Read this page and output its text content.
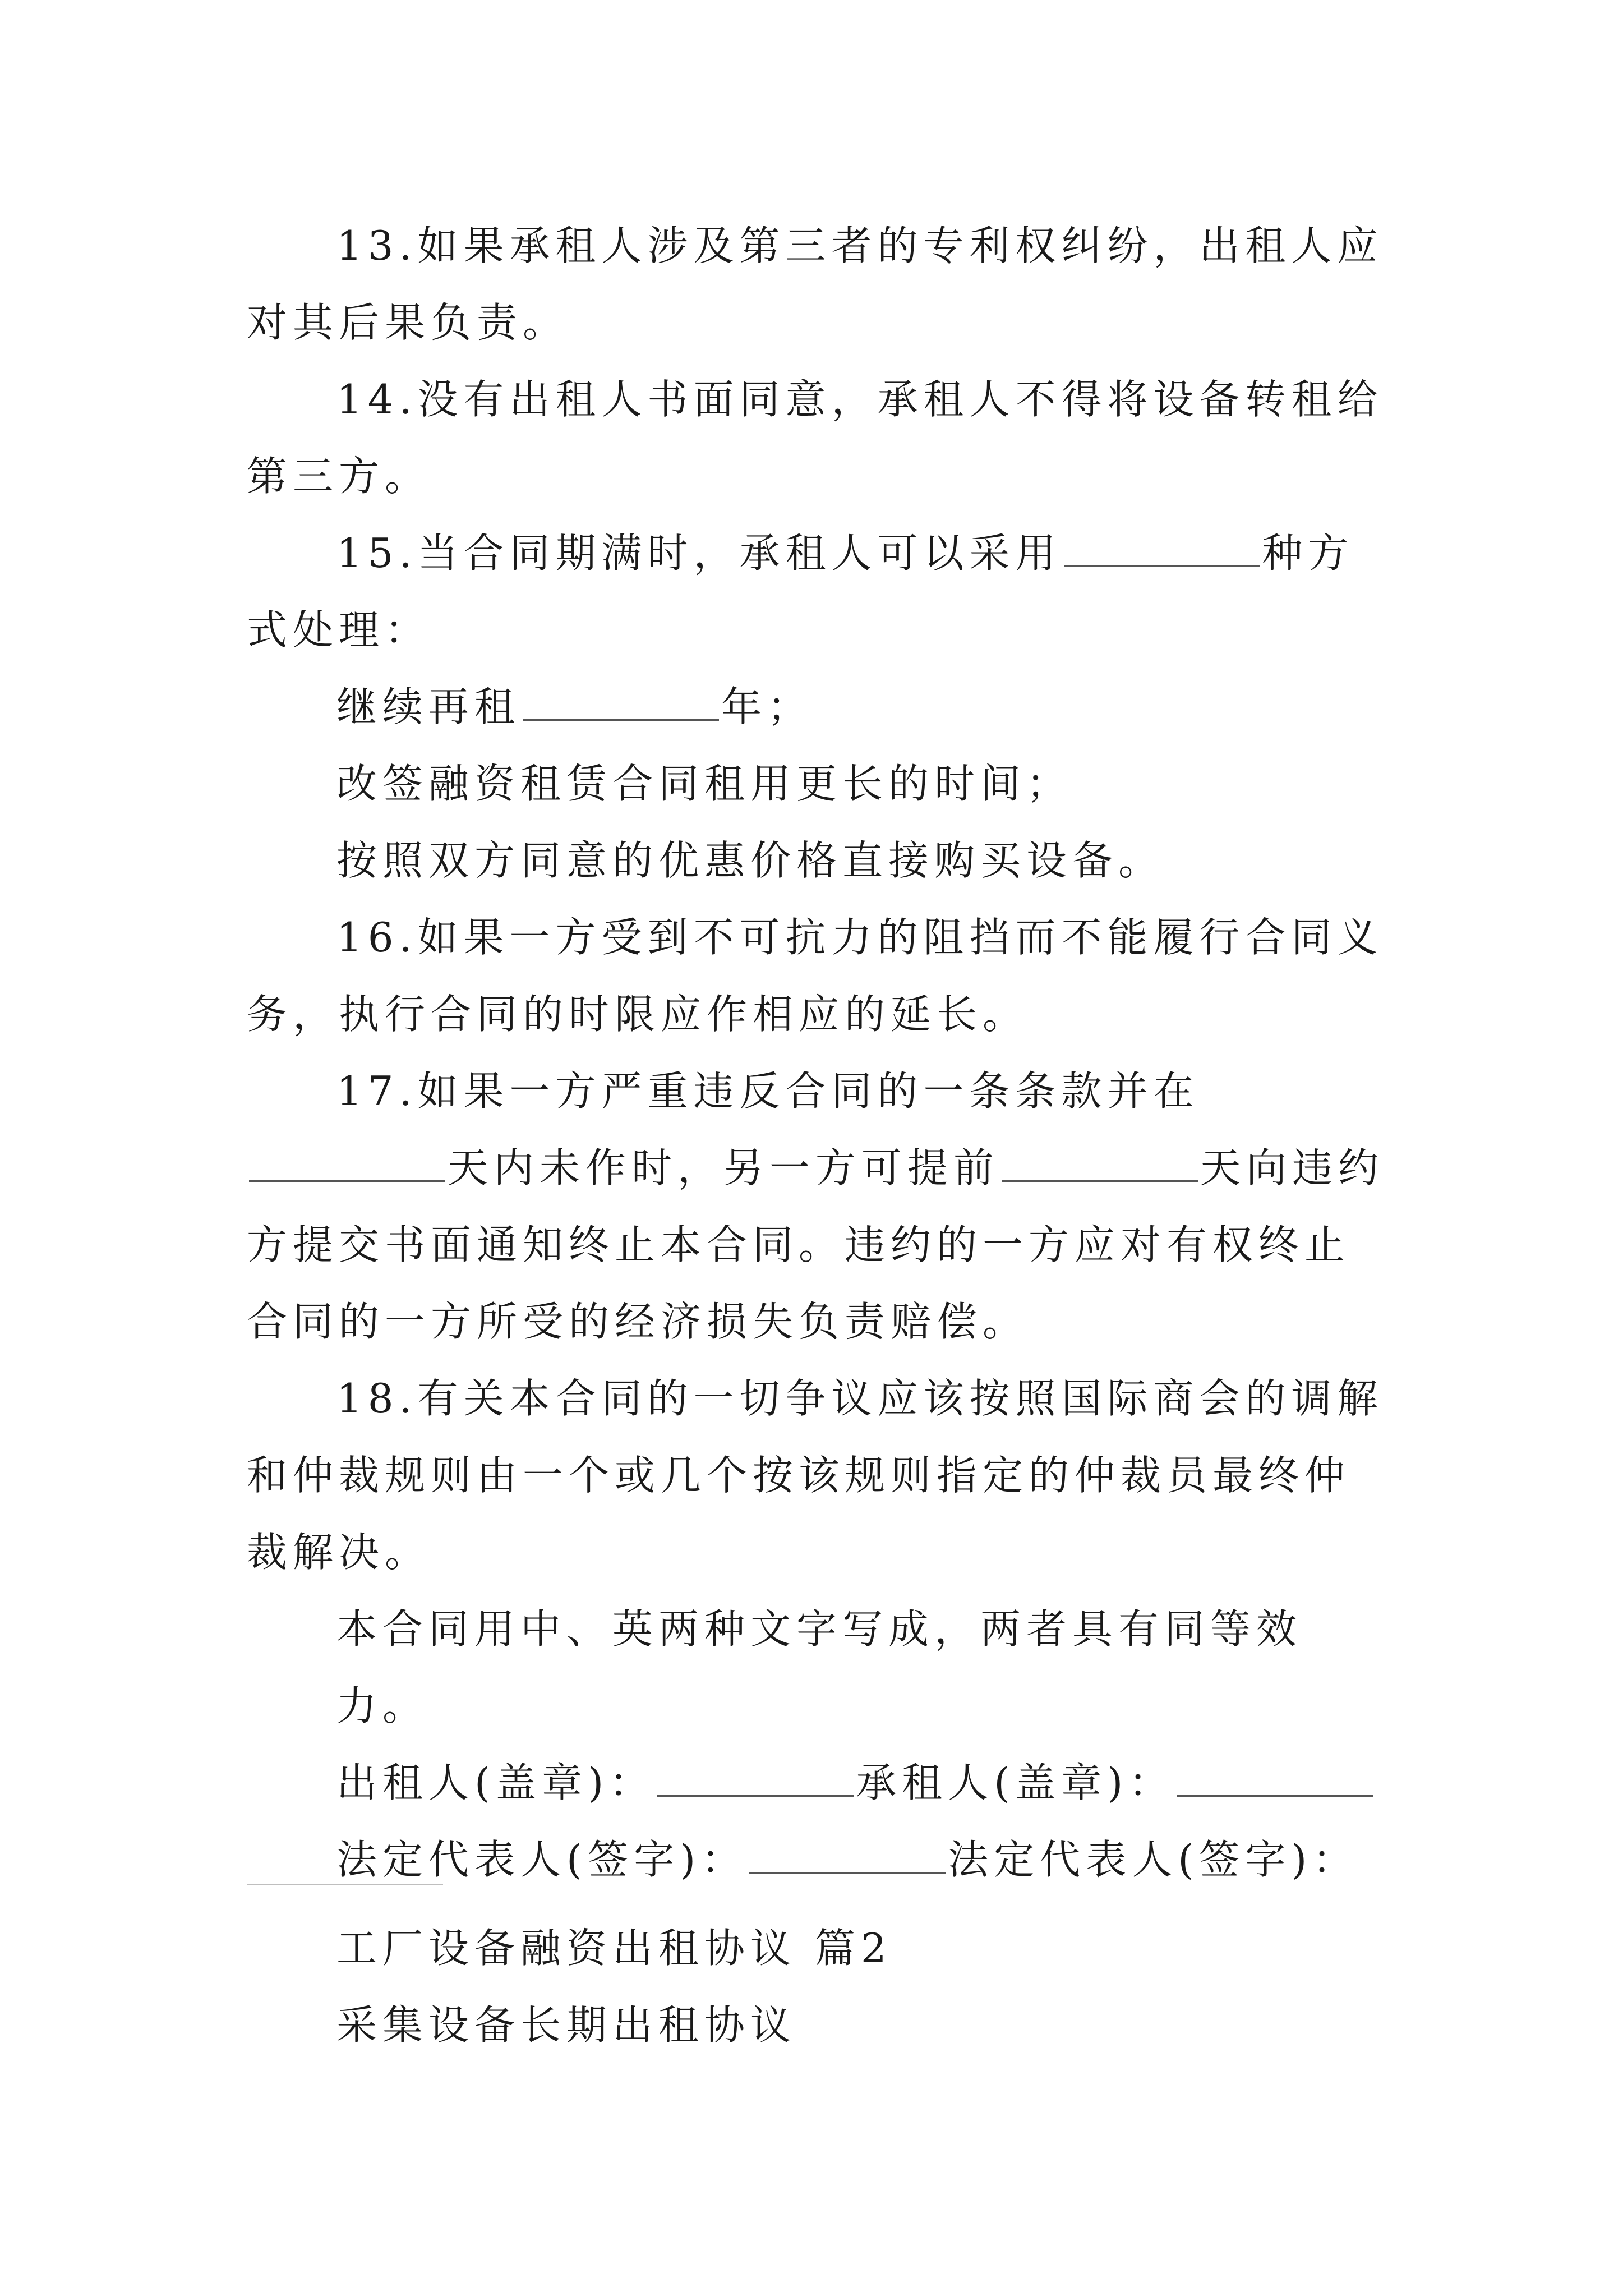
13.如果承租人涉及第三者的专利权纠纷，出租人应对其后果负责。

14.没有出租人书面同意，承租人不得将设备转租给第三方。

15.当合同期满时，承租人可以采用	种方式处理：

继续再租	年；

改签融资租赁合同租用更长的时间；

按照双方同意的优惠价格直接购买设备。

16.如果一方受到不可抗力的阻挡而不能履行合同义务，执行合同的时限应作相应的延长。

17.如果一方严重违反合同的一条条款并在天内未作时，另一方可提前	天向违约方提交书面通知终止本合同。违约的一方应对有权终止合同的一方所受的经济损失负责赔偿。

18.有关本合同的一切争议应该按照国际商会的调解和仲裁规则由一个或几个按该规则指定的仲裁员最终仲裁解决。

本合同用中、英两种文字写成，两者具有同等效力。

出租人(盖章)：	承租人(盖章)：

法定代表人(签字)：	法定代表人(签字)：

工厂设备融资出租协议 篇2
采集设备长期出租协议
